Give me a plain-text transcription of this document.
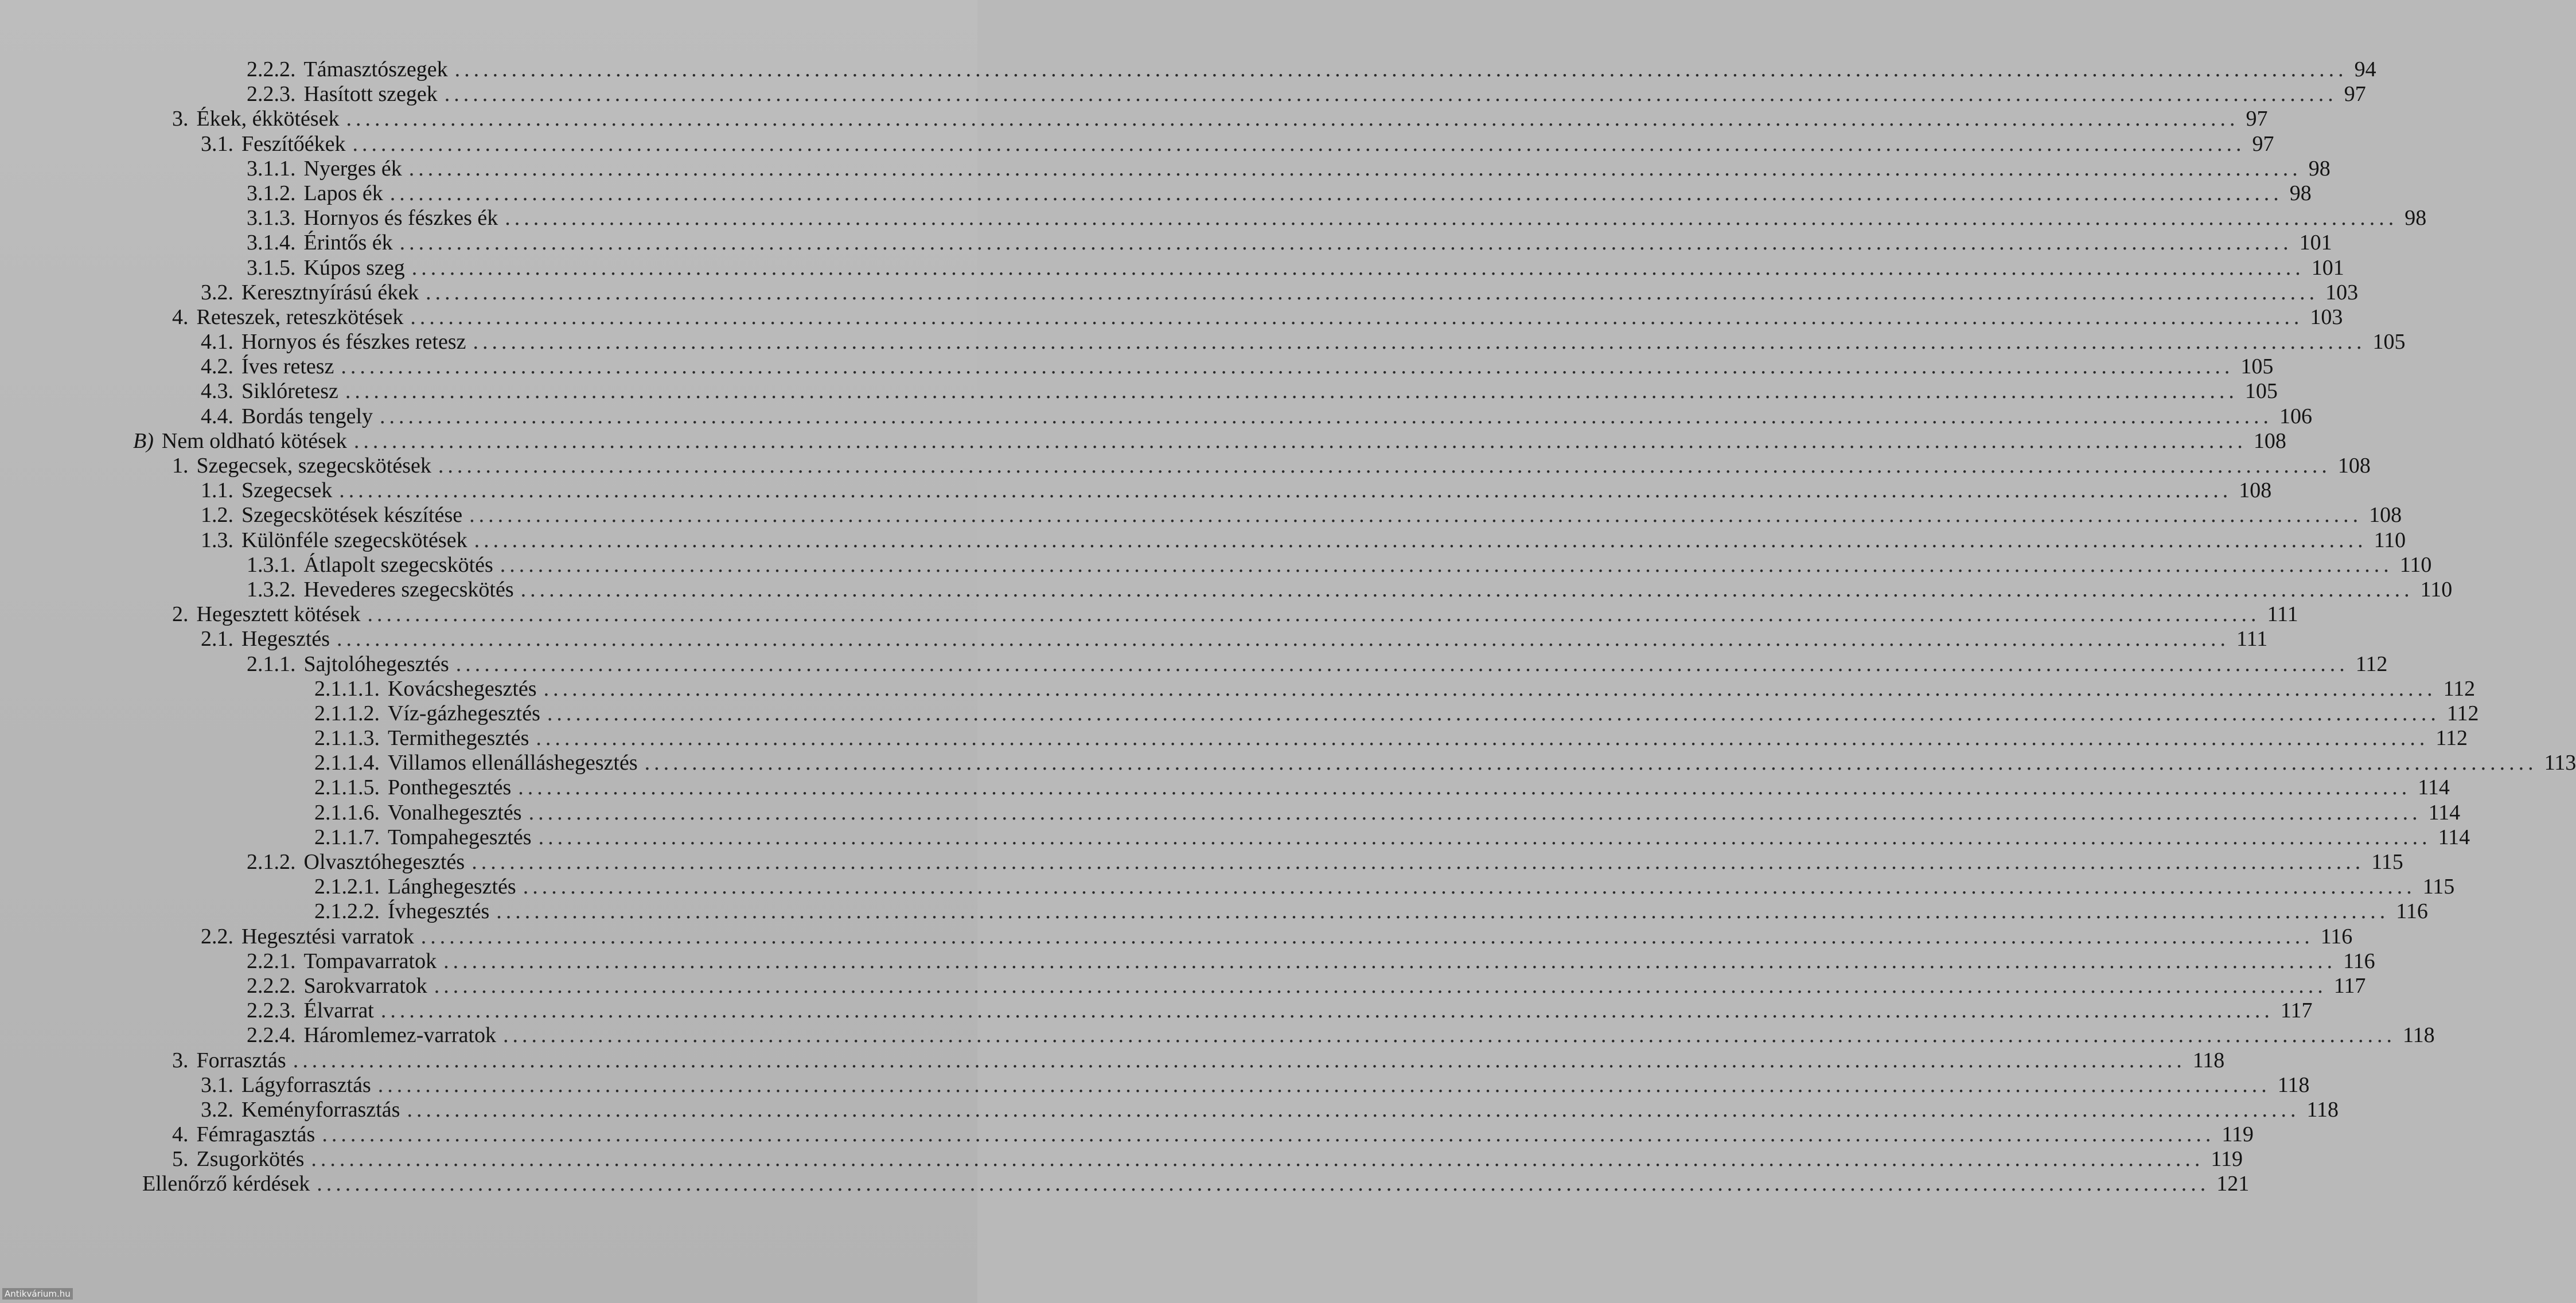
2.2.2. Támasztószegek ........................................................................................................................................................................................................ 94
2.2.3. Hasított szegek ........................................................................................................................................................................................................ 97
3. Ékek, ékkötések ........................................................................................................................................................................................................ 97
3.1. Feszítőékek ........................................................................................................................................................................................................ 97
3.1.1. Nyerges ék ........................................................................................................................................................................................................ 98
3.1.2. Lapos ék ........................................................................................................................................................................................................ 98
3.1.3. Hornyos és fészkes ék ........................................................................................................................................................................................................ 98
3.1.4. Érintős ék ........................................................................................................................................................................................................ 101
3.1.5. Kúpos szeg ........................................................................................................................................................................................................ 101
3.2. Keresztnyírású ékek ........................................................................................................................................................................................................ 103
4. Reteszek, reteszkötések ........................................................................................................................................................................................................ 103
4.1. Hornyos és fészkes retesz ........................................................................................................................................................................................................ 105
4.2. Íves retesz ........................................................................................................................................................................................................ 105
4.3. Siklóretesz ........................................................................................................................................................................................................ 105
4.4. Bordás tengely ........................................................................................................................................................................................................ 106
B) Nem oldható kötések ........................................................................................................................................................................................................ 108
1. Szegecsek, szegecskötések ........................................................................................................................................................................................................ 108
1.1. Szegecsek ........................................................................................................................................................................................................ 108
1.2. Szegecskötések készítése ........................................................................................................................................................................................................ 108
1.3. Különféle szegecskötések ........................................................................................................................................................................................................ 110
1.3.1. Átlapolt szegecskötés ........................................................................................................................................................................................................ 110
1.3.2. Hevederes szegecskötés ........................................................................................................................................................................................................ 110
2. Hegesztett kötések ........................................................................................................................................................................................................ 111
2.1. Hegesztés ........................................................................................................................................................................................................ 111
2.1.1. Sajtolóhegesztés ........................................................................................................................................................................................................ 112
2.1.1.1. Kovácshegesztés ........................................................................................................................................................................................................ 112
2.1.1.2. Víz-gázhegesztés ........................................................................................................................................................................................................ 112
2.1.1.3. Termithegesztés ........................................................................................................................................................................................................ 112
2.1.1.4. Villamos ellenálláshegesztés ........................................................................................................................................................................................................ 113
2.1.1.5. Ponthegesztés ........................................................................................................................................................................................................ 114
2.1.1.6. Vonalhegesztés ........................................................................................................................................................................................................ 114
2.1.1.7. Tompahegesztés ........................................................................................................................................................................................................ 114
2.1.2. Olvasztóhegesztés ........................................................................................................................................................................................................ 115
2.1.2.1. Lánghegesztés ........................................................................................................................................................................................................ 115
2.1.2.2. Ívhegesztés ........................................................................................................................................................................................................ 116
2.2. Hegesztési varratok ........................................................................................................................................................................................................ 116
2.2.1. Tompavarratok ........................................................................................................................................................................................................ 116
2.2.2. Sarokvarratok ........................................................................................................................................................................................................ 117
2.2.3. Élvarrat ........................................................................................................................................................................................................ 117
2.2.4. Háromlemez-varratok ........................................................................................................................................................................................................ 118
3. Forrasztás ........................................................................................................................................................................................................ 118
3.1. Lágyforrasztás ........................................................................................................................................................................................................ 118
3.2. Keményforrasztás ........................................................................................................................................................................................................ 118
4. Fémragasztás ........................................................................................................................................................................................................ 119
5. Zsugorkötés ........................................................................................................................................................................................................ 119
Ellenőrző kérdések ........................................................................................................................................................................................................ 121
Antikvárium.hu
